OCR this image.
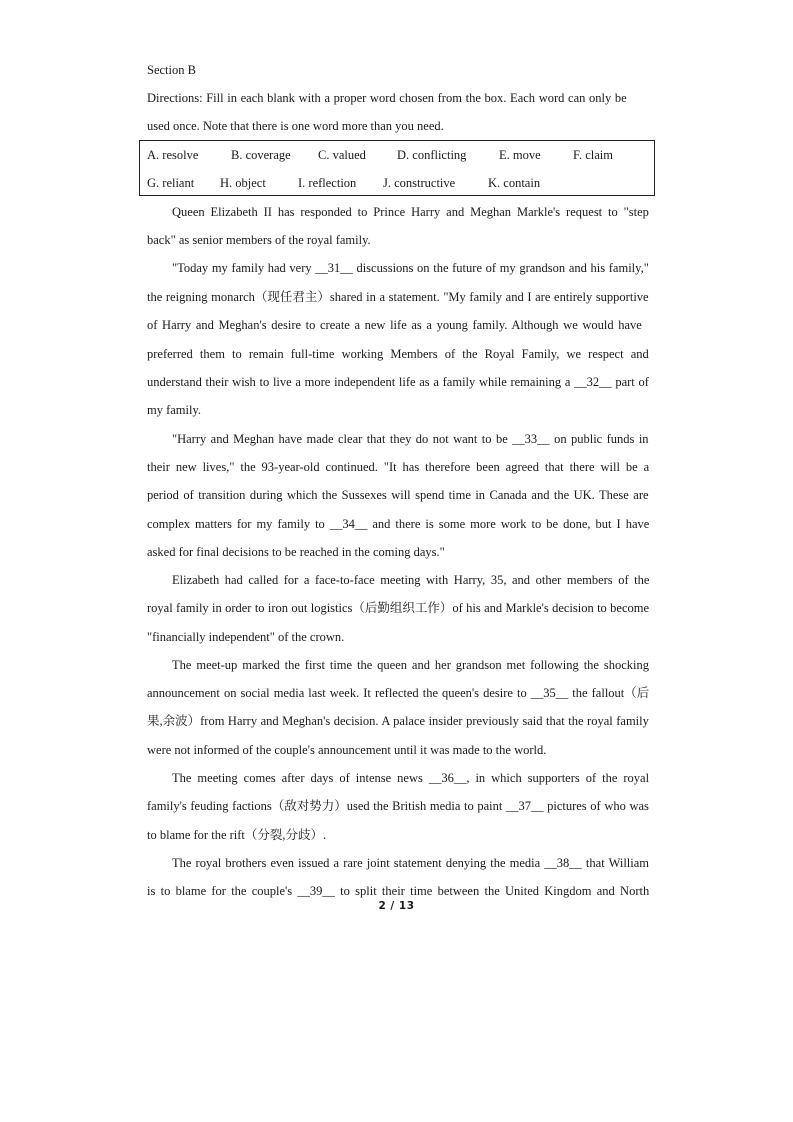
Section B
Directions: Fill in each blank with a proper word chosen from the box. Each word can only be
used once. Note that there is one word more than you need.
A. resolve	B. coverage C. valued D. conflicting	E. move	F. claim
G. reliant H. object	I. reflection J. constructive	K. contain
Queen Elizabeth II has responded to Prince Harry and Meghan Markle's request to "step
back" as senior members of the royal family.
"Today my family had very __31__ discussions on the future of my grandson and his family,"
the reigning monarch（现任君主）shared in a statement. "My family and I are entirely supportive
of Harry and Meghan's desire to create a new life as a young family. Although we would have
preferred them to remain full-time working Members of the Royal Family, we respect and
understand their wish to live a more independent life as a family while remaining a __32__ part of
my family.
"Harry and Meghan have made clear that they do not want to be __33__ on public funds in
their new lives," the 93-year-old continued. "It has therefore been agreed that there will be a
period of transition during which the Sussexes will spend time in Canada and the UK. These are
complex matters for my family to __34__ and there is some more work to be done, but I have
asked for final decisions to be reached in the coming days."
Elizabeth had called for a face-to-face meeting with Harry, 35, and other members of the
royal family in order to iron out logistics（后勤组织工作）of his and Markle's decision to become
"financially independent" of the crown.
The meet-up marked the first time the queen and her grandson met following the shocking
announcement on social media last week. It reflected the queen's desire to __35__ the fallout（后
果,余波）from Harry and Meghan's decision. A palace insider previously said that the royal family
were not informed of the couple's announcement until it was made to the world.
The meeting comes after days of intense news __36__, in which supporters of the royal
family's feuding factions（敌对势力）used the British media to paint __37__ pictures of who was
to blame for the rift（分裂,分歧）.
The royal brothers even issued a rare joint statement denying the media __38__ that William
is to blame for the couple's __39__ to split their time between the United Kingdom and North
2 / 13
